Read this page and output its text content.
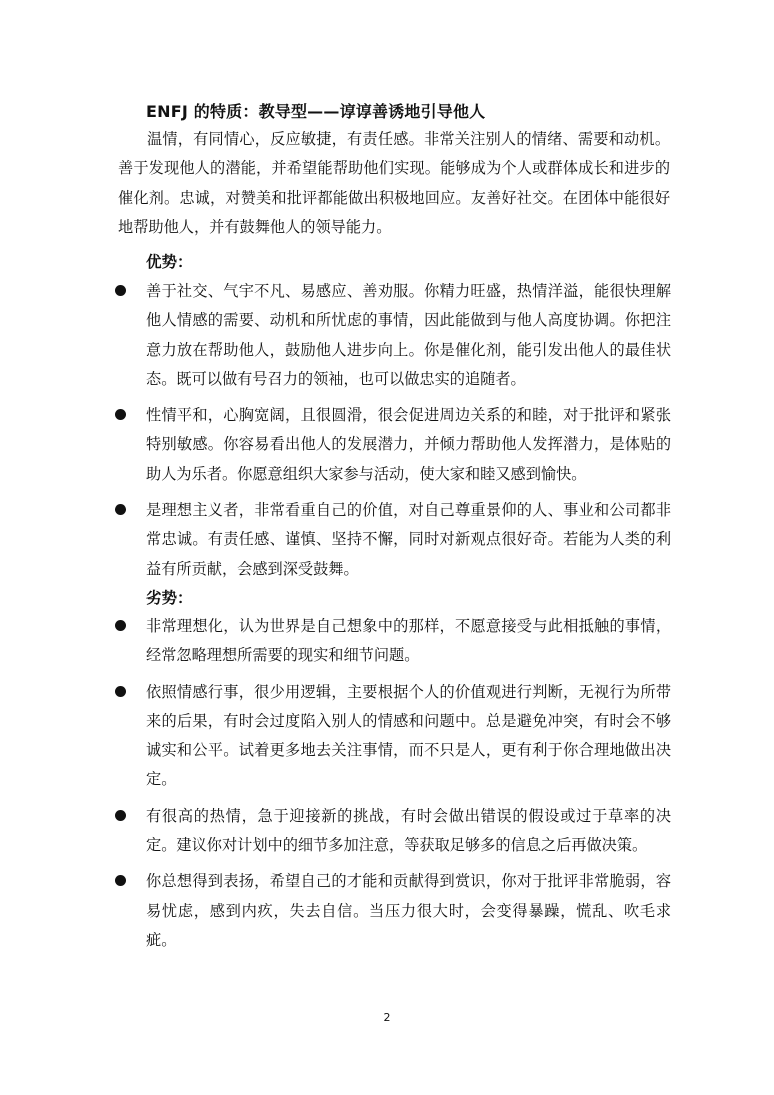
ENFJ 的特质：教导型——谆谆善诱地引导他人

温情，有同情心，反应敏捷，有责任感。非常关注别人的情绪、需要和动机。善于发现他人的潜能，并希望能帮助他们实现。能够成为个人或群体成长和进步的催化剂。忠诚，对赞美和批评都能做出积极地回应。友善好社交。在团体中能很好地帮助他人，并有鼓舞他人的领导能力。

优势：
善于社交、气宇不凡、易感应、善劝服。你精力旺盛，热情洋溢，能很快理解他人情感的需要、动机和所忧虑的事情，因此能做到与他人高度协调。你把注意力放在帮助他人，鼓励他人进步向上。你是催化剂，能引发出他人的最佳状态。既可以做有号召力的领袖，也可以做忠实的追随者。
性情平和，心胸宽阔，且很圆滑，很会促进周边关系的和睦，对于批评和紧张特别敏感。你容易看出他人的发展潜力，并倾力帮助他人发挥潜力，是体贴的助人为乐者。你愿意组织大家参与活动，使大家和睦又感到愉快。
是理想主义者，非常看重自己的价值，对自己尊重景仰的人、事业和公司都非常忠诚。有责任感、谨慎、坚持不懈，同时对新观点很好奇。若能为人类的利益有所贡献，会感到深受鼓舞。
劣势：
非常理想化，认为世界是自己想象中的那样，不愿意接受与此相抵触的事情，经常忽略理想所需要的现实和细节问题。
依照情感行事，很少用逻辑，主要根据个人的价值观进行判断，无视行为所带来的后果，有时会过度陷入别人的情感和问题中。总是避免冲突，有时会不够诚实和公平。试着更多地去关注事情，而不只是人，更有利于你合理地做出决定。
有很高的热情，急于迎接新的挑战，有时会做出错误的假设或过于草率的决定。建议你对计划中的细节多加注意，等获取足够多的信息之后再做决策。
你总想得到表扬，希望自己的才能和贡献得到赏识，你对于批评非常脆弱，容易忧虑，感到内疚，失去自信。当压力很大时，会变得暴躁，慌乱、吹毛求疵。
2
